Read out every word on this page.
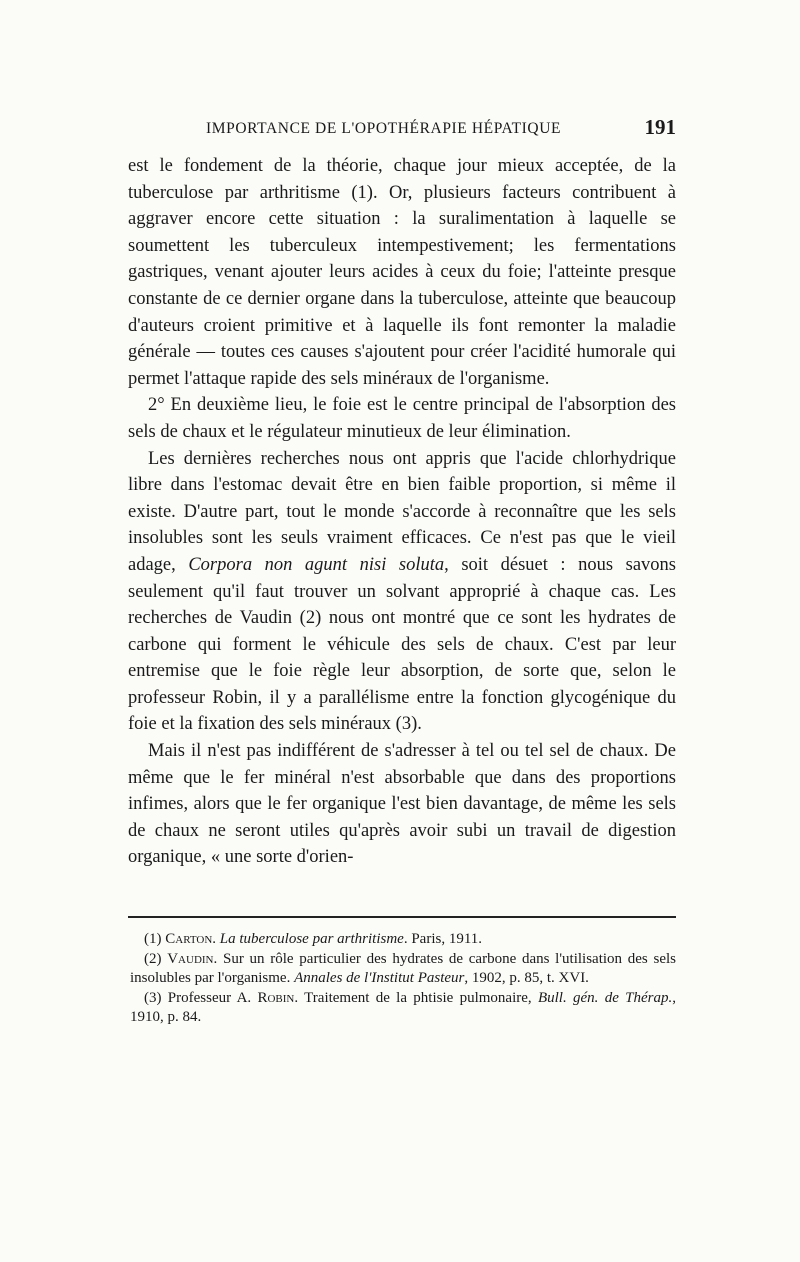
IMPORTANCE DE L'OPOTHÉRAPIE HÉPATIQUE	191

est le fondement de la théorie, chaque jour mieux acceptée, de la tuberculose par arthritisme (1). Or, plusieurs facteurs contribuent à aggraver encore cette situation : la suralimentation à laquelle se soumettent les tuberculeux intempestivement; les fermentations gastriques, venant ajouter leurs acides à ceux du foie; l'atteinte presque constante de ce dernier organe dans la tuberculose, atteinte que beaucoup d'auteurs croient primitive et à laquelle ils font remonter la maladie générale — toutes ces causes s'ajoutent pour créer l'acidité humorale qui permet l'attaque rapide des sels minéraux de l'organisme.

2° En deuxième lieu, le foie est le centre principal de l'absorption des sels de chaux et le régulateur minutieux de leur élimination.

Les dernières recherches nous ont appris que l'acide chlorhydrique libre dans l'estomac devait être en bien faible proportion, si même il existe. D'autre part, tout le monde s'accorde à reconnaître que les sels insolubles sont les seuls vraiment efficaces. Ce n'est pas que le vieil adage, Corpora non agunt nisi soluta, soit désuet : nous savons seulement qu'il faut trouver un solvant approprié à chaque cas. Les recherches de Vaudin (2) nous ont montré que ce sont les hydrates de carbone qui forment le véhicule des sels de chaux. C'est par leur entremise que le foie règle leur absorption, de sorte que, selon le professeur Robin, il y a parallélisme entre la fonction glycogénique du foie et la fixation des sels minéraux (3).

Mais il n'est pas indifférent de s'adresser à tel ou tel sel de chaux. De même que le fer minéral n'est absorbable que dans des proportions infimes, alors que le fer organique l'est bien davantage, de même les sels de chaux ne seront utiles qu'après avoir subi un travail de digestion organique, « une sorte d'orien-

(1) Carton. La tuberculose par arthritisme. Paris, 1911.

(2) Vaudin. Sur un rôle particulier des hydrates de carbone dans l'utilisation des sels insolubles par l'organisme. Annales de l'Institut Pasteur, 1902, p. 85, t. XVI.

(3) Professeur A. Robin. Traitement de la phtisie pulmonaire, Bull. gén. de Thérap., 1910, p. 84.
